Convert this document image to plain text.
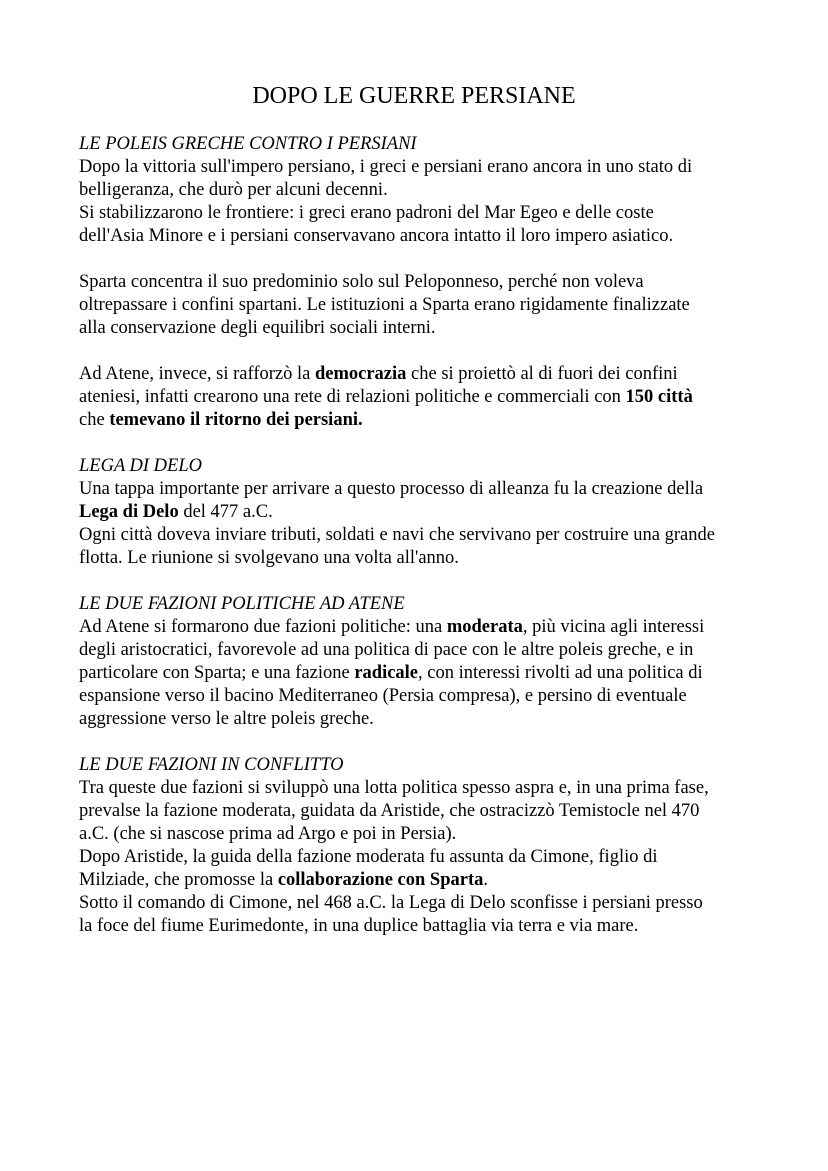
DOPO LE GUERRE PERSIANE
LE POLEIS GRECHE CONTRO I PERSIANI

Dopo la vittoria sull'impero persiano, i greci e persiani erano ancora in uno stato di
belligeranza, che durò per alcuni decenni.
Si stabilizzarono le frontiere: i greci erano padroni del Mar Egeo e delle coste
dell'Asia Minore e i persiani conservavano ancora intatto il loro impero asiatico.

Sparta concentra il suo predominio solo sul Peloponneso, perché non voleva
oltrepassare i confini spartani. Le istituzioni a Sparta erano rigidamente finalizzate
alla conservazione degli equilibri sociali interni.

Ad Atene, invece, si rafforzò la democrazia che si proiettò al di fuori dei confini
ateniesi, infatti crearono una rete di relazioni politiche e commerciali con 150 città
che temevano il ritorno dei persiani.

LEGA DI DELO

Una tappa importante per arrivare a questo processo di alleanza fu la creazione della
Lega di Delo del 477 a.C.
Ogni città doveva inviare tributi, soldati e navi che servivano per costruire una grande
flotta. Le riunione si svolgevano una volta all'anno.

LE DUE FAZIONI POLITICHE AD ATENE

Ad Atene si formarono due fazioni politiche: una moderata, più vicina agli interessi
degli aristocratici, favorevole ad una politica di pace con le altre poleis greche, e in
particolare con Sparta; e una fazione radicale, con interessi rivolti ad una politica di
espansione verso il bacino Mediterraneo (Persia compresa), e persino di eventuale
aggressione verso le altre poleis greche.

LE DUE FAZIONI IN CONFLITTO

Tra queste due fazioni si sviluppò una lotta politica spesso aspra e, in una prima fase,
prevalse la fazione moderata, guidata da Aristide, che ostracizzò Temistocle nel 470
a.C. (che si nascose prima ad Argo e poi in Persia).
Dopo Aristide, la guida della fazione moderata fu assunta da Cimone, figlio di
Milziade, che promosse la collaborazione con Sparta.
Sotto il comando di Cimone, nel 468 a.C. la Lega di Delo sconfisse i persiani presso
la foce del fiume Eurimedonte, in una duplice battaglia via terra e via mare.
